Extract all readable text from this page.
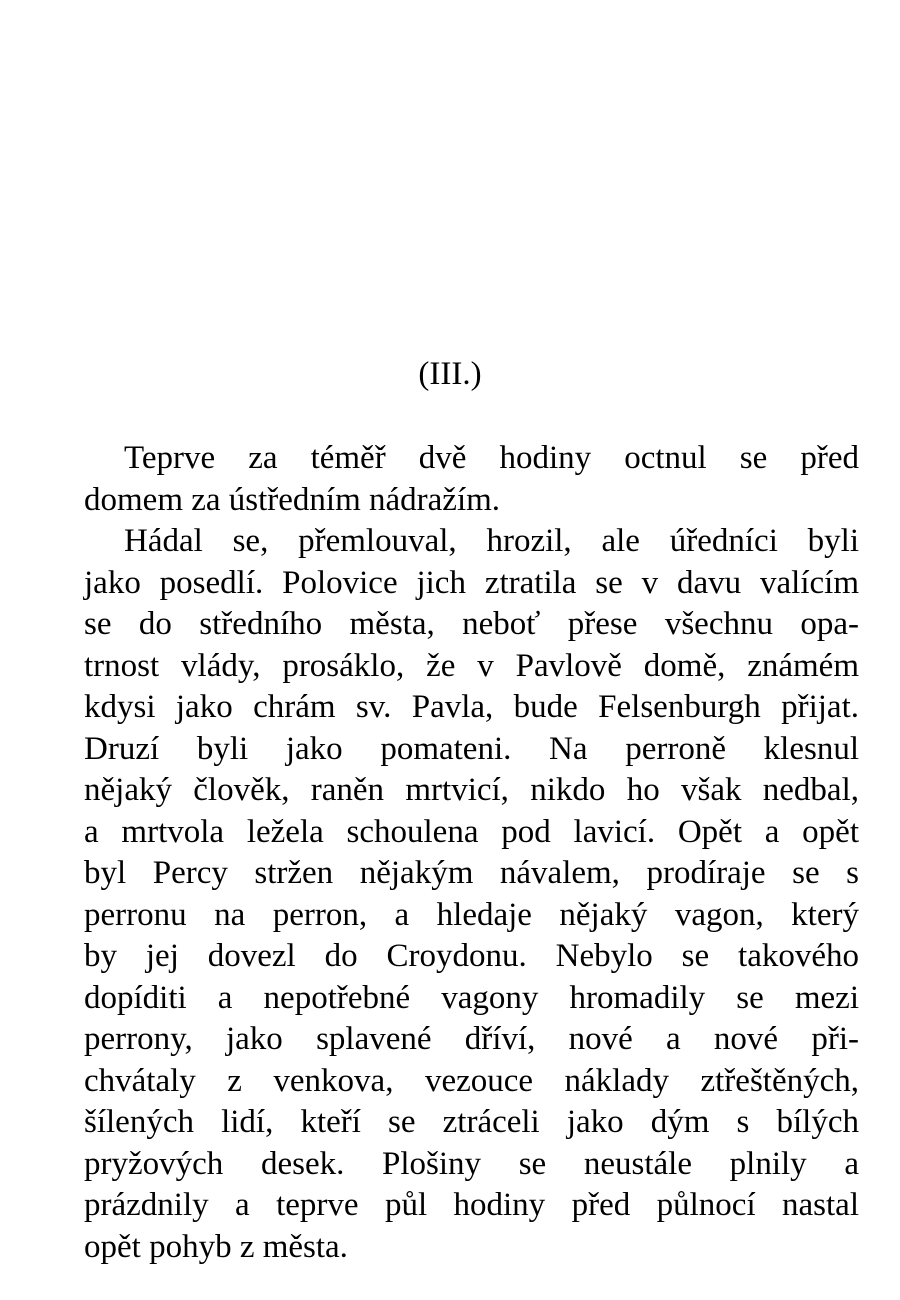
(III.)
Teprve za téměř dvě hodiny octnul se před
domem za ústředním nádražím.
Hádal se, přemlouval, hrozil, ale úředníci byli
jako posedlí. Polovice jich ztratila se v davu valícím
se do středního města, neboť přese všechnu opa-
trnost vlády, prosáklo, že v Pavlově domě, známém
kdysi jako chrám sv. Pavla, bude Felsenburgh přijat.
Druzí byli jako pomateni. Na perroně klesnul
nějaký člověk, raněn mrtvicí, nikdo ho však nedbal,
a mrtvola ležela schoulena pod lavicí. Opět a opět
byl Percy stržen nějakým návalem, prodíraje se s
perronu na perron, a hledaje nějaký vagon, který
by jej dovezl do Croydonu. Nebylo se takového
dopíditi a nepotřebné vagony hromadily se mezi
perrony, jako splavené dříví, nové a nové při-
chvátaly z venkova, vezouce náklady ztřeštěných,
šílených lidí, kteří se ztráceli jako dým s bílých
pryžových desek. Plošiny se neustále plnily a
prázdnily a teprve půl hodiny před půlnocí nastal
opět pohyb z města.
